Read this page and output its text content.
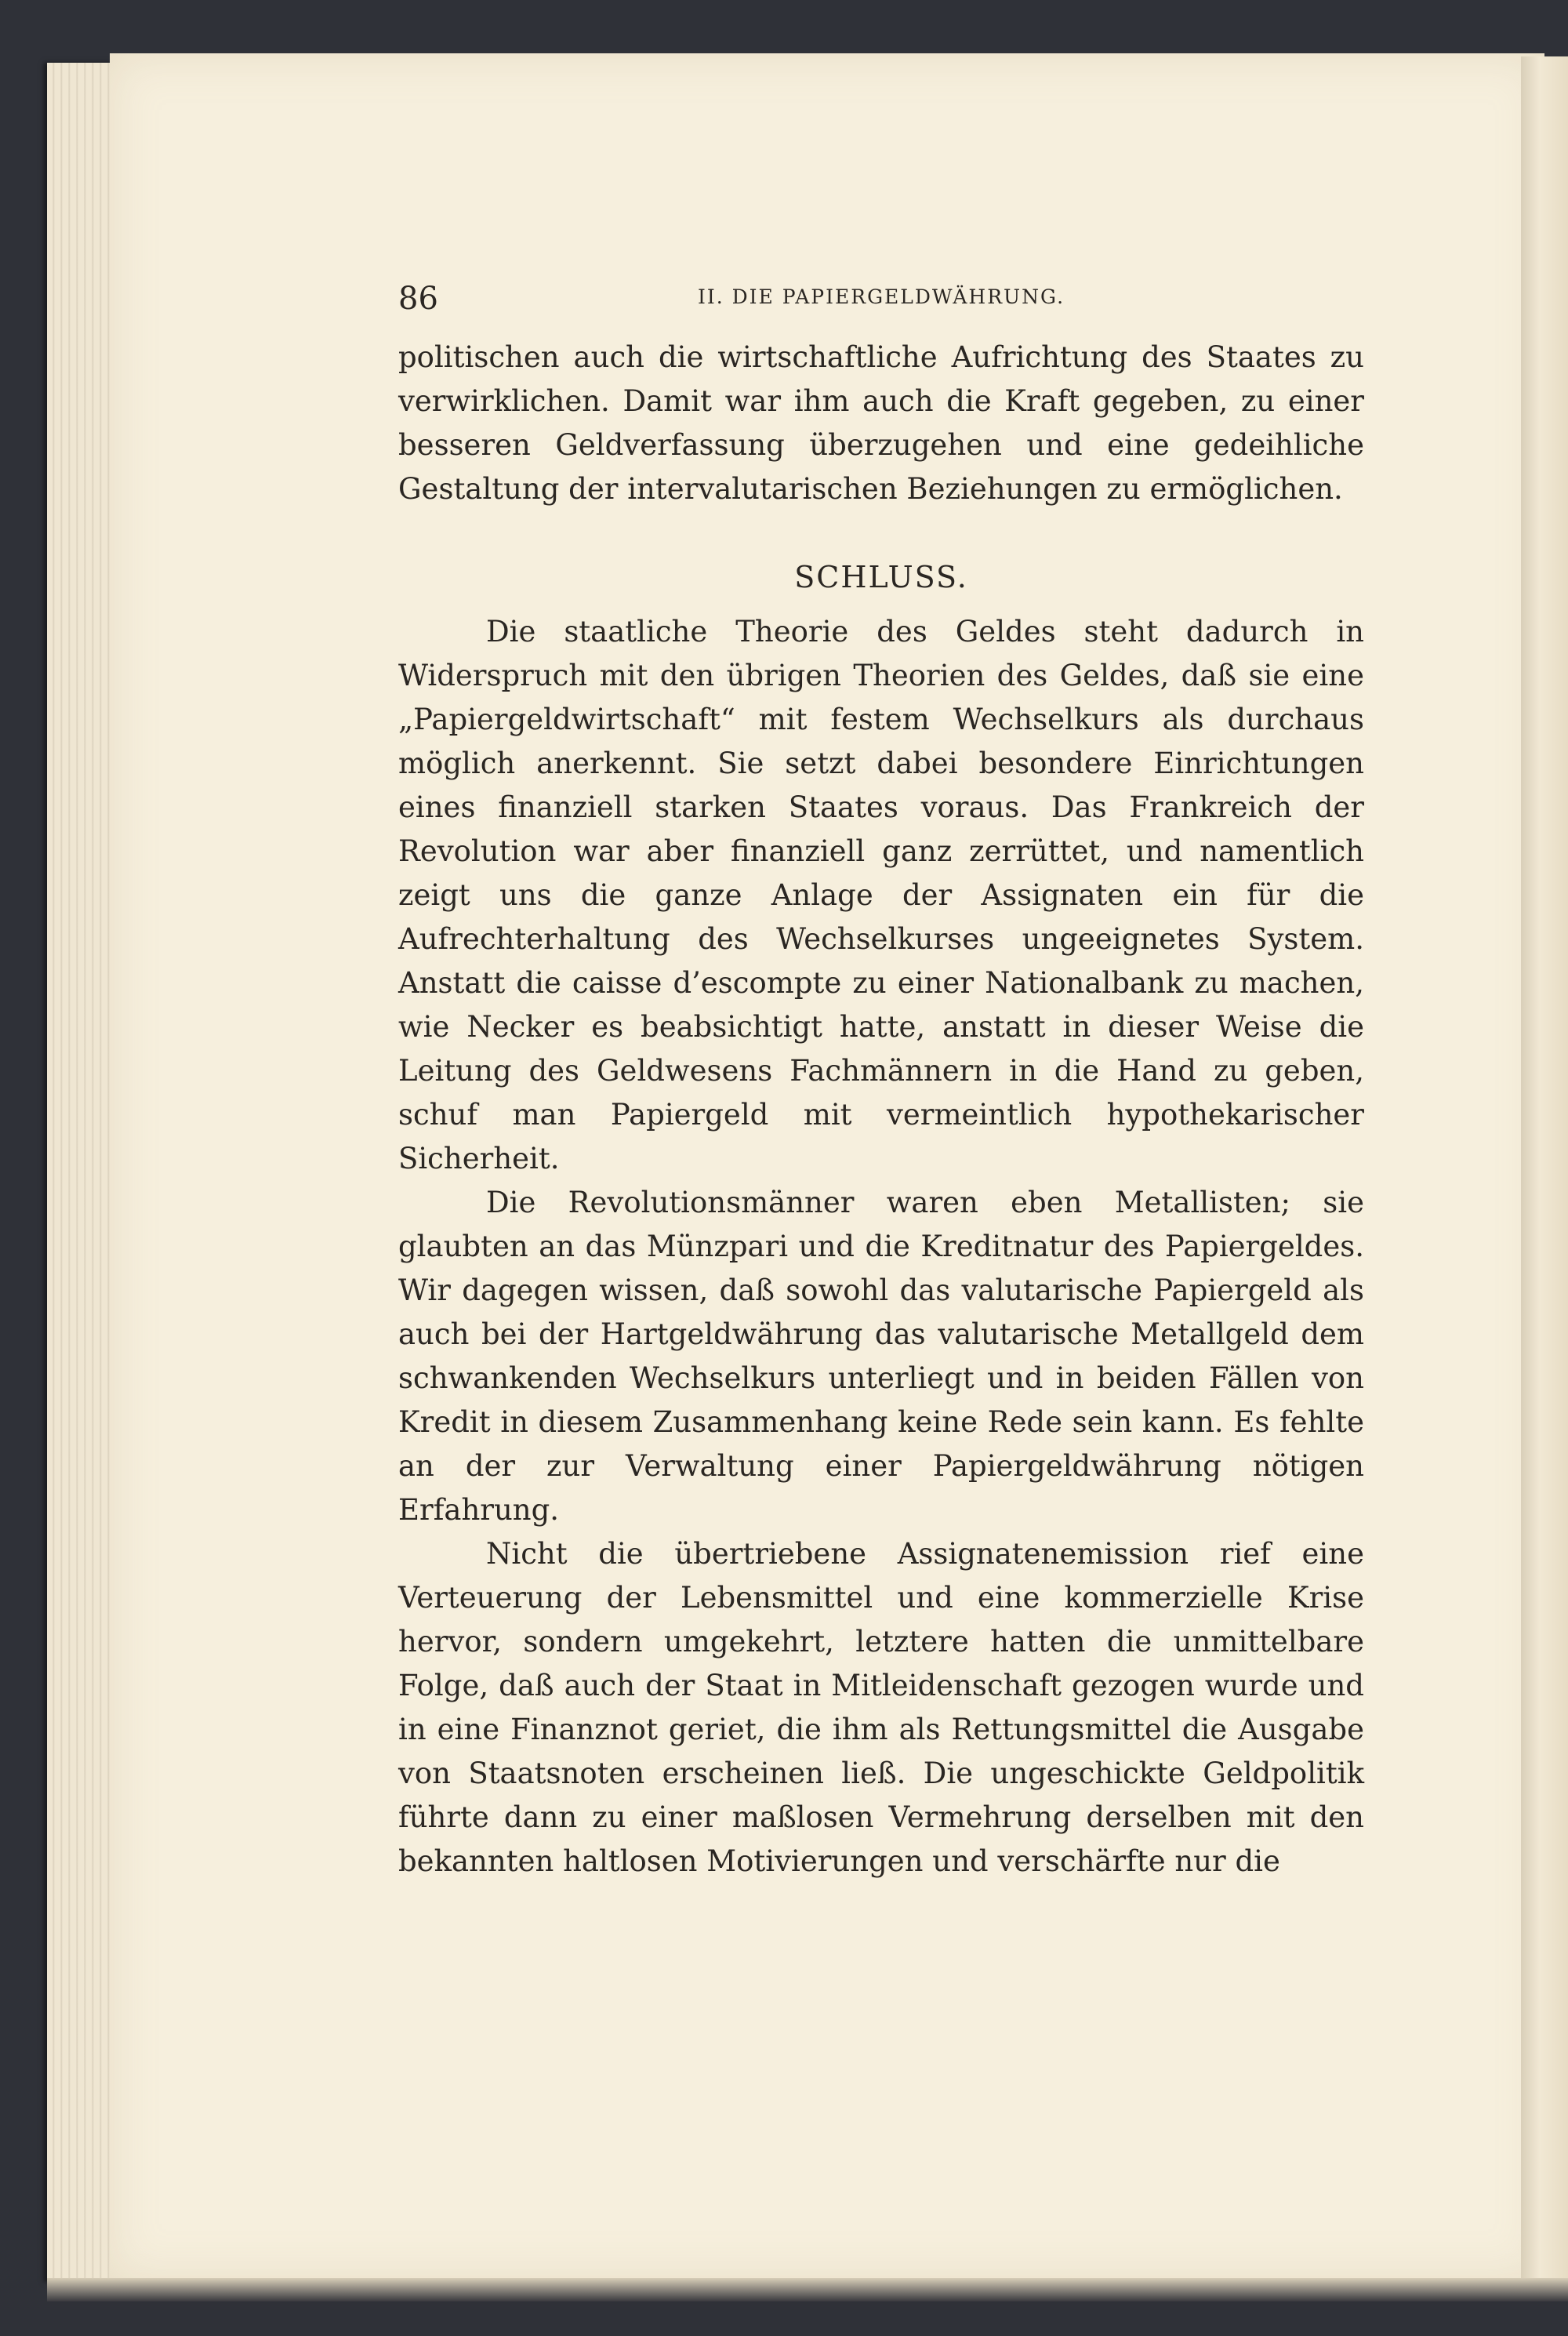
86	II. DIE PAPIERGELDWÄHRUNG.

politischen auch die wirtschaftliche Aufrichtung des Staates zu verwirklichen. Damit war ihm auch die Kraft gegeben, zu einer besseren Geldverfassung überzugehen und eine gedeihliche Gestaltung der intervalutarischen Beziehungen zu ermöglichen.

SCHLUSS.

Die staatliche Theorie des Geldes steht dadurch in Widerspruch mit den übrigen Theorien des Geldes, daß sie eine „Papiergeldwirtschaft“ mit festem Wechselkurs als durchaus möglich anerkennt. Sie setzt dabei besondere Einrichtungen eines finanziell starken Staates voraus. Das Frankreich der Revolution war aber finanziell ganz zerrüttet, und namentlich zeigt uns die ganze Anlage der Assignaten ein für die Aufrechterhaltung des Wechselkurses ungeeignetes System. Anstatt die caisse d’escompte zu einer Nationalbank zu machen, wie Necker es beabsichtigt hatte, anstatt in dieser Weise die Leitung des Geldwesens Fachmännern in die Hand zu geben, schuf man Papiergeld mit vermeintlich hypothekarischer Sicherheit.

Die Revolutionsmänner waren eben Metallisten; sie glaubten an das Münzpari und die Kreditnatur des Papiergeldes. Wir dagegen wissen, daß sowohl das valutarische Papiergeld als auch bei der Hartgeldwährung das valutarische Metallgeld dem schwankenden Wechselkurs unterliegt und in beiden Fällen von Kredit in diesem Zusammenhang keine Rede sein kann. Es fehlte an der zur Verwaltung einer Papiergeldwährung nötigen Erfahrung.

Nicht die übertriebene Assignatenemission rief eine Verteuerung der Lebensmittel und eine kommerzielle Krise hervor, sondern umgekehrt, letztere hatten die unmittelbare Folge, daß auch der Staat in Mitleidenschaft gezogen wurde und in eine Finanznot geriet, die ihm als Rettungsmittel die Ausgabe von Staatsnoten erscheinen ließ. Die ungeschickte Geldpolitik führte dann zu einer maßlosen Vermehrung derselben mit den bekannten haltlosen Motivierungen und verschärfte nur die
